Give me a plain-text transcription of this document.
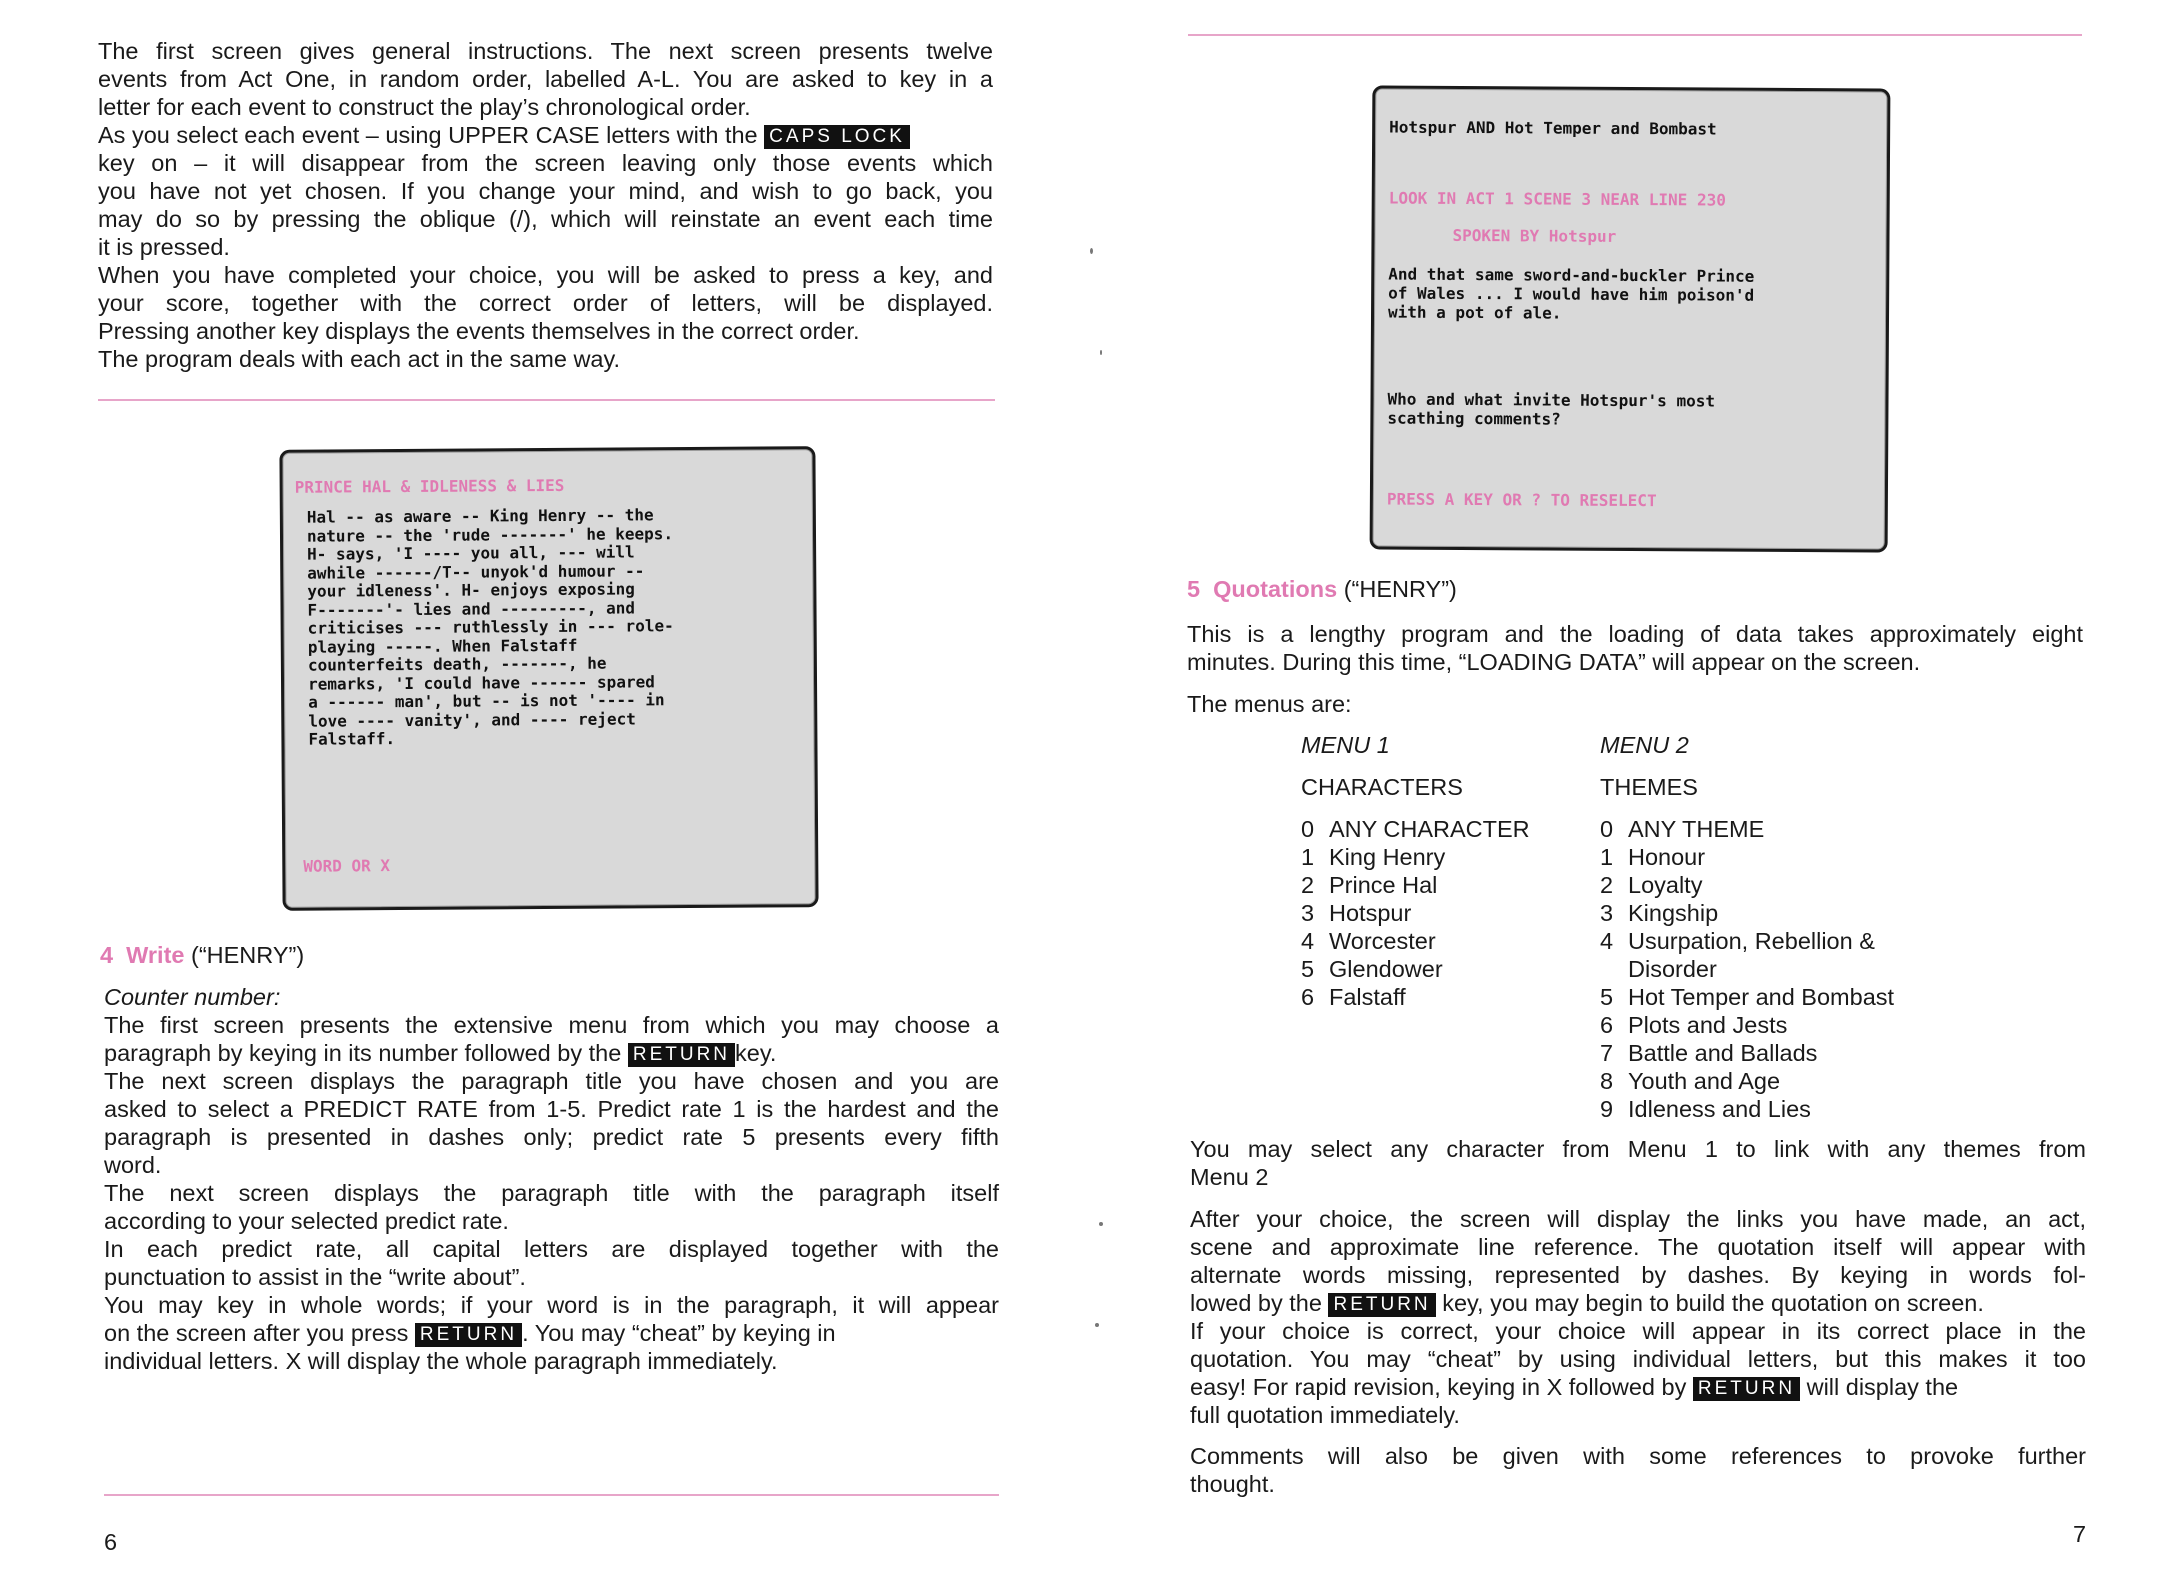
The first screen gives general instructions. The next screen presents twelve
events from Act One, in random order, labelled A-L. You are asked to key in a
letter for each event to construct the play’s chronological order.
As you select each event – using UPPER CASE letters with the CAPS LOCK
key on – it will disappear from the screen leaving only those events which
you have not yet chosen. If you change your mind, and wish to go back, you
may do so by pressing the oblique (/), which will reinstate an event each time
it is pressed.
When you have completed your choice, you will be asked to press a key, and
your score, together with the correct order of letters, will be displayed.
Pressing another key displays the events themselves in the correct order.
The program deals with each act in the same way.
PRINCE HAL & IDLENESS & LIES
Hal -- as aware -- King Henry -- the
nature -- the 'rude -------' he keeps.
H- says, 'I ---- you all, --- will
awhile ------/T-- unyok'd humour --
your idleness'. H- enjoys exposing
F-------'- lies and ---------, and
criticises --- ruthlessly in --- role-
playing -----. When Falstaff
counterfeits death, -------, he
remarks, 'I could have ------ spared
a ------ man', but -- is not '---- in
love ---- vanity', and ---- reject
Falstaff.
WORD OR X
4 Write (“HENRY”)
Counter number:
The first screen presents the extensive menu from which you may choose a
paragraph by keying in its number followed by the RETURN key.
The next screen displays the paragraph title you have chosen and you are
asked to select a PREDICT RATE from 1-5. Predict rate 1 is the hardest and the
paragraph is presented in dashes only; predict rate 5 presents every fifth
word.
The next screen displays the paragraph title with the paragraph itself
according to your selected predict rate.
In each predict rate, all capital letters are displayed together with the
punctuation to assist in the “write about”.
You may key in whole words; if your word is in the paragraph, it will appear
on the screen after you press RETURN . You may “cheat” by keying in
individual letters. X will display the whole paragraph immediately.
6
Hotspur AND Hot Temper and Bombast
LOOK IN ACT 1 SCENE 3 NEAR LINE 230
SPOKEN BY Hotspur
And that same sword-and-buckler Prince
of Wales ... I would have him poison'd
with a pot of ale.
Who and what invite Hotspur's most
scathing comments?
PRESS A KEY OR ? TO RESELECT
5 Quotations (“HENRY”)
This is a lengthy program and the loading of data takes approximately eight
minutes. During this time, “LOADING DATA” will appear on the screen.
The menus are:
MENU 1
CHARACTERS
0 ANY CHARACTER
1 King Henry
2 Prince Hal
3 Hotspur
4 Worcester
5 Glendower
6 Falstaff
MENU 2
THEMES
0 ANY THEME
1 Honour
2 Loyalty
3 Kingship
4 Usurpation, Rebellion &
Disorder
5 Hot Temper and Bombast
6 Plots and Jests
7 Battle and Ballads
8 Youth and Age
9 Idleness and Lies
You may select any character from Menu 1 to link with any themes from
Menu 2
After your choice, the screen will display the links you have made, an act,
scene and approximate line reference. The quotation itself will appear with
alternate words missing, represented by dashes. By keying in words fol-
lowed by the RETURN key, you may begin to build the quotation on screen.
If your choice is correct, your choice will appear in its correct place in the
quotation. You may “cheat” by using individual letters, but this makes it too
easy! For rapid revision, keying in X followed by RETURN will display the
full quotation immediately.
Comments will also be given with some references to provoke further
thought.
7
